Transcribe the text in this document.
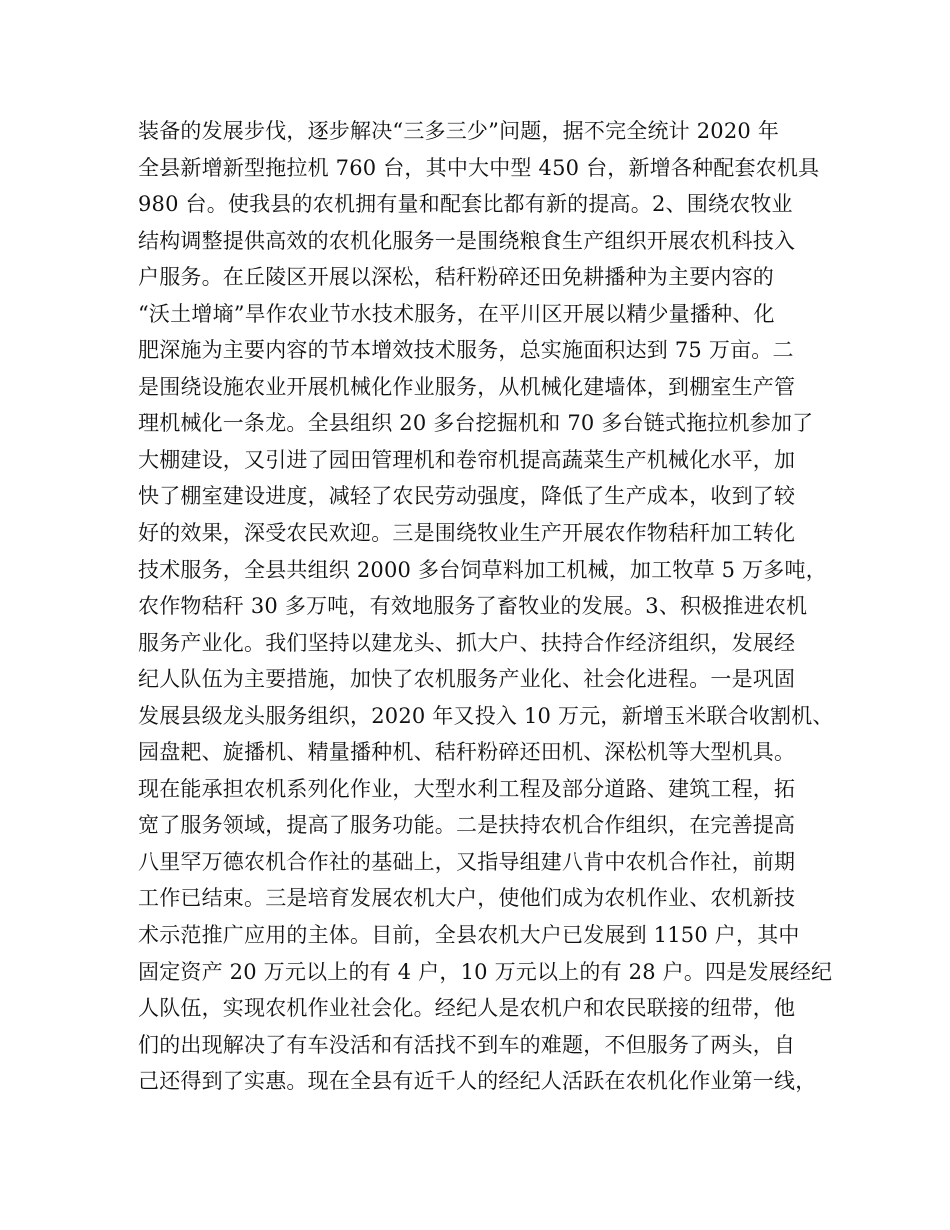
装备的发展步伐，逐步解决“三多三少”问题，据不完全统计 2020 年
全县新增新型拖拉机 760 台，其中大中型 450 台，新增各种配套农机具
980 台。使我县的农机拥有量和配套比都有新的提高。2、围绕农牧业
结构调整提供高效的农机化服务一是围绕粮食生产组织开展农机科技入
户服务。在丘陵区开展以深松，秸秆粉碎还田免耕播种为主要内容的
“沃土增墒”旱作农业节水技术服务，在平川区开展以精少量播种、化
肥深施为主要内容的节本增效技术服务，总实施面积达到 75 万亩。二
是围绕设施农业开展机械化作业服务，从机械化建墙体，到棚室生产管
理机械化一条龙。全县组织 20 多台挖掘机和 70 多台链式拖拉机参加了
大棚建设，又引进了园田管理机和卷帘机提高蔬菜生产机械化水平，加
快了棚室建设进度，减轻了农民劳动强度，降低了生产成本，收到了较
好的效果，深受农民欢迎。三是围绕牧业生产开展农作物秸秆加工转化
技术服务，全县共组织 2000 多台饲草料加工机械，加工牧草 5 万多吨，
农作物秸秆 30 多万吨，有效地服务了畜牧业的发展。3、积极推进农机
服务产业化。我们坚持以建龙头、抓大户、扶持合作经济组织，发展经
纪人队伍为主要措施，加快了农机服务产业化、社会化进程。一是巩固
发展县级龙头服务组织，2020 年又投入 10 万元，新增玉米联合收割机、
园盘耙、旋播机、精量播种机、秸秆粉碎还田机、深松机等大型机具。
现在能承担农机系列化作业，大型水利工程及部分道路、建筑工程，拓
宽了服务领域，提高了服务功能。二是扶持农机合作组织，在完善提高
八里罕万德农机合作社的基础上，又指导组建八肯中农机合作社，前期
工作已结束。三是培育发展农机大户，使他们成为农机作业、农机新技
术示范推广应用的主体。目前，全县农机大户已发展到 1150 户，其中
固定资产 20 万元以上的有 4 户，10 万元以上的有 28 户。四是发展经纪
人队伍，实现农机作业社会化。经纪人是农机户和农民联接的纽带，他
们的出现解决了有车没活和有活找不到车的难题，不但服务了两头，自
己还得到了实惠。现在全县有近千人的经纪人活跃在农机化作业第一线，
